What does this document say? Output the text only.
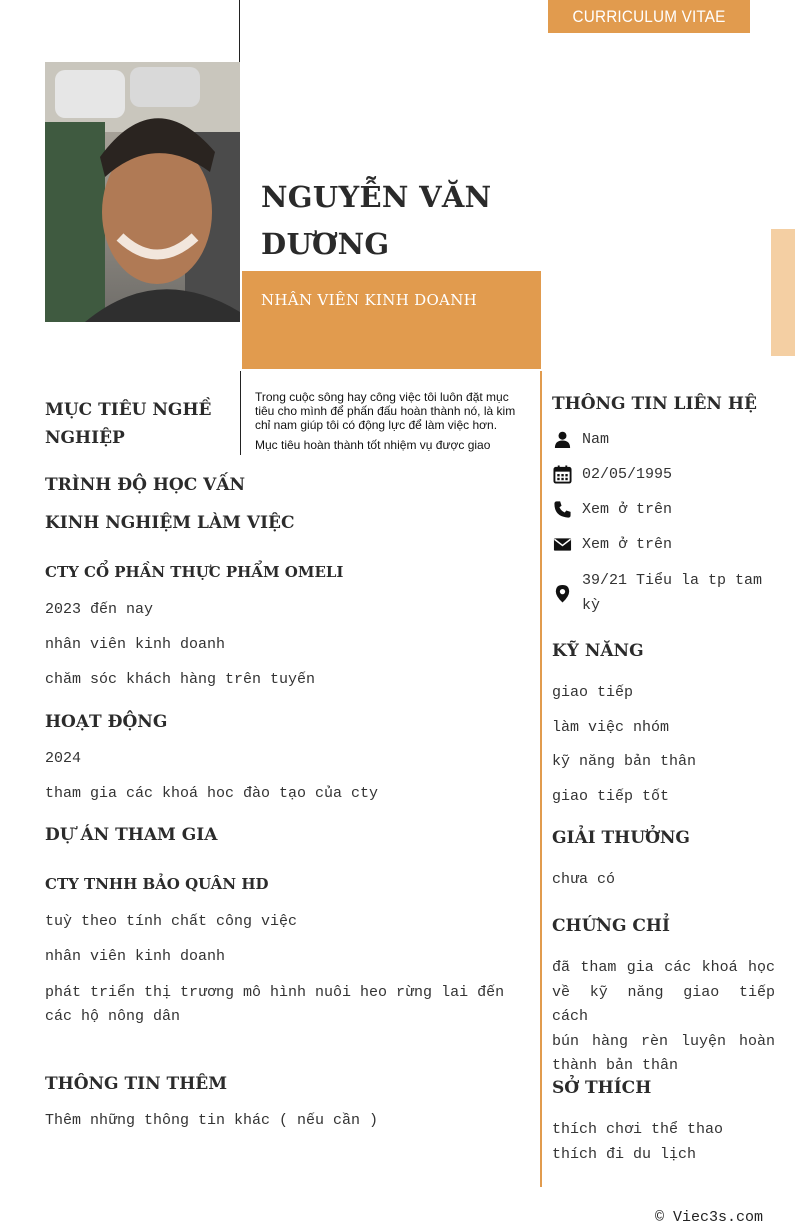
CURRICULUM VITAE
NGUYỄN VĂN
DƯƠNG
NHÂN VIÊN KINH DOANH
MỤC TIÊU NGHỀ
NGHIỆP

Trong cuộc sông hay công việc tôi luôn đặt mục tiêu cho mình để phấn đấu hoàn thành nó, là kim chỉ nam giúp tôi có động lực để làm việc hơn.

Mục tiêu hoàn thành tốt nhiệm vụ được giao

TRÌNH ĐỘ HỌC VẤN
KINH NGHIỆM LÀM VIỆC
CTY CỔ PHẦN THỰC PHẨM OMELI
2023 đến nay
nhân viên kinh doanh
chăm sóc khách hàng trên tuyến
HOẠT ĐỘNG
2024
tham gia các khoá hoc đào tạo của cty
DỰ ÁN THAM GIA
CTY TNHH BẢO QUÂN HD
tuỳ theo tính chất công việc
nhân viên kinh doanh
phát triển thị trương mô hình nuôi heo rừng lai đến
các hộ nông dân
THÔNG TIN THÊM
Thêm những thông tin khác ( nếu cần )
THÔNG TIN LIÊN HỆ
Nam
02/05/1995
Xem ở trên
Xem ở trên
39/21 Tiểu la tp tam
kỳ
KỸ NĂNG
giao tiếp
làm việc nhóm
kỹ năng bản thân
giao tiếp tốt
GIẢI THƯỞNG
chưa có
CHỨNG CHỈ
đã tham gia các khoá học
về kỹ năng giao tiếp cách
bún hàng rèn luyện hoàn
thành bản thân
SỞ THÍCH
thích chơi thể thao
thích đi du lịch
© Viec3s.com
